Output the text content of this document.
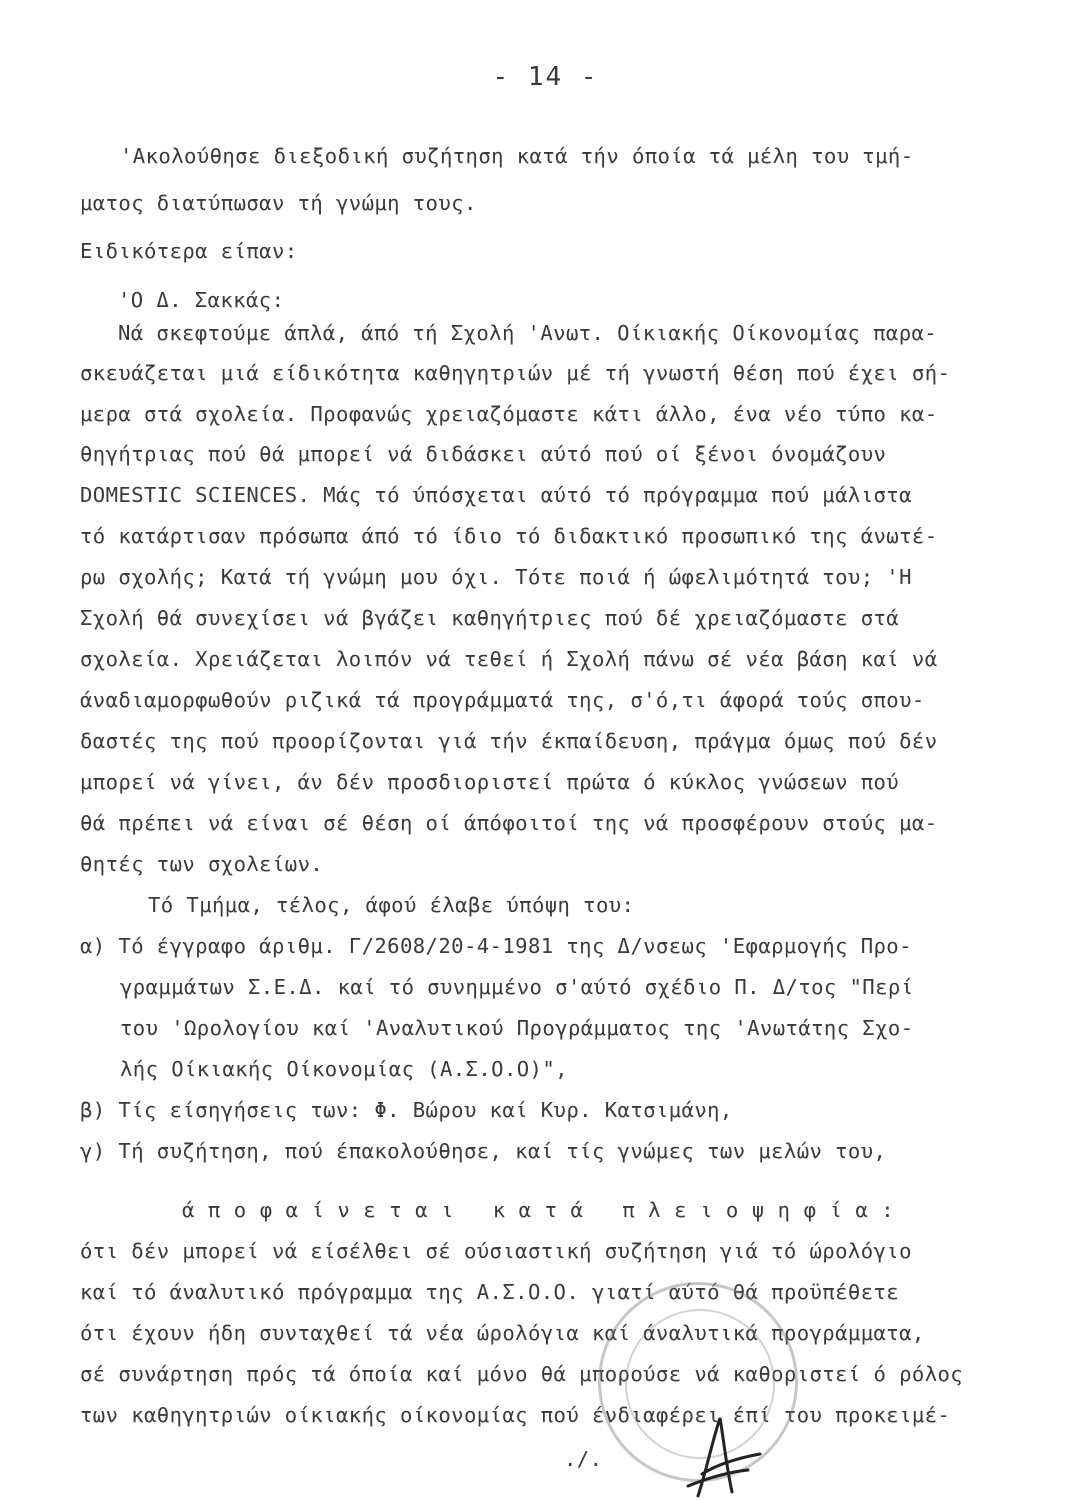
- 14 -
'Ακολούθησε διεξοδική συζήτηση κατά τήν όποία τά μέλη του τμή-
ματος διατύπωσαν τή γνώμη τους.
Ειδικότερα είπαν:
'Ο Δ. Σακκάς:
Νά σκεφτούμε άπλά, άπό τή Σχολή 'Ανωτ. Οίκιακής Οίκονομίας παρα-
σκευάζεται μιά είδικότητα καθηγητριών μέ τή γνωστή θέση πού έχει σή-
μερα στά σχολεία. Προφανώς χρειαζόμαστε κάτι άλλο, ένα νέο τύπο κα-
θηγήτριας πού θά μπορεί νά διδάσκει αύτό πού οί ξένοι όνομάζουν
DOMESTIC SCIENCES. Μάς τό ύπόσχεται αύτό τό πρόγραμμα πού μάλιστα
τό κατάρτισαν πρόσωπα άπό τό ίδιο τό διδακτικό προσωπικό της άνωτέ-
ρω σχολής; Κατά τή γνώμη μου όχι. Τότε ποιά ή ώφελιμότητά του; 'Η
Σχολή θά συνεχίσει νά βγάζει καθηγήτριες πού δέ χρειαζόμαστε στά
σχολεία. Χρειάζεται λοιπόν νά τεθεί ή Σχολή πάνω σέ νέα βάση καί νά
άναδιαμορφωθούν ριζικά τά προγράμματά της, σ'ό,τι άφορά τούς σπου-
δαστές της πού προορίζονται γιά τήν έκπαίδευση, πράγμα όμως πού δέν
μπορεί νά γίνει, άν δέν προσδιοριστεί πρώτα ό κύκλος γνώσεων πού
θά πρέπει νά είναι σέ θέση οί άπόφοιτοί της νά προσφέρουν στούς μα-
θητές των σχολείων.
Τό Τμήμα, τέλος, άφού έλαβε ύπόψη του:
α) Τό έγγραφο άριθμ. Γ/2608/20-4-1981 της Δ/νσεως 'Εφαρμογής Προ-
γραμμάτων Σ.Ε.Δ. καί τό συνημμένο σ'αύτό σχέδιο Π. Δ/τος "Περί
του 'Ωρολογίου καί 'Αναλυτικού Προγράμματος της 'Ανωτάτης Σχο-
λής Οίκιακής Οίκονομίας (Α.Σ.Ο.Ο)",
β) Τίς είσηγήσεις των: Φ. Βώρου καί Κυρ. Κατσιμάνη,
γ) Τή συζήτηση, πού έπακολούθησε, καί τίς γνώμες των μελών του,
άποφαίνεται κατά πλειοψηφία:
ότι δέν μπορεί νά είσέλθει σέ ούσιαστική συζήτηση γιά τό ώρολόγιο
καί τό άναλυτικό πρόγραμμα της Α.Σ.Ο.Ο. γιατί αύτό θά προϋπέθετε
ότι έχουν ήδη συνταχθεί τά νέα ώρολόγια καί άναλυτικά προγράμματα,
σέ συνάρτηση πρός τά όποία καί μόνο θά μπορούσε νά καθοριστεί ό ρόλος
των καθηγητριών οίκιακής οίκονομίας πού ένδιαφέρει έπί του προκειμέ-
./.
